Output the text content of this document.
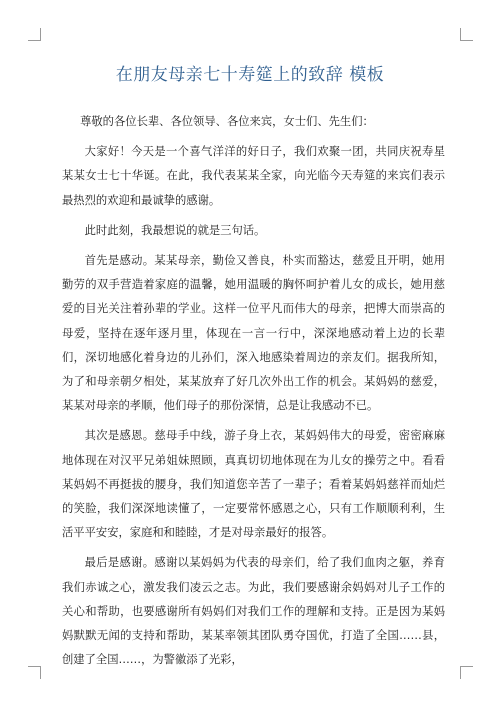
在朋友母亲七十寿筵上的致辞 模板

尊敬的各位长辈、各位领导、各位来宾，女士们、先生们：

大家好！今天是一个喜气洋洋的好日子，我们欢聚一团，共同庆祝寿星某某女士七十华诞。在此，我代表某某全家，向光临今天寿筵的来宾们表示最热烈的欢迎和最诚挚的感谢。

此时此刻，我最想说的就是三句话。

首先是感动。某某母亲，勤俭又善良，朴实而豁达，慈爱且开明，她用勤劳的双手营造着家庭的温馨，她用温暖的胸怀呵护着儿女的成长，她用慈爱的目光关注着孙辈的学业。这样一位平凡而伟大的母亲，把博大而崇高的母爱，坚持在逐年逐月里，体现在一言一行中，深深地感动着上边的长辈们，深切地感化着身边的儿孙们，深入地感染着周边的亲友们。据我所知，为了和母亲朝夕相处，某某放弃了好几次外出工作的机会。某妈妈的慈爱，某某对母亲的孝顺，他们母子的那份深情，总是让我感动不已。

其次是感恩。慈母手中线，游子身上衣，某妈妈伟大的母爱，密密麻麻地体现在对汉平兄弟姐妹照顾，真真切切地体现在为儿女的操劳之中。看看某妈妈不再挺拔的腰身，我们知道您辛苦了一辈子；看着某妈妈慈祥而灿烂的笑脸，我们深深地读懂了，一定要常怀感恩之心，只有工作顺顺利利，生活平平安安，家庭和和睦睦，才是对母亲最好的报答。

最后是感谢。感谢以某妈妈为代表的母亲们，给了我们血肉之躯，养育我们赤诚之心，激发我们凌云之志。为此，我们要感谢余妈妈对儿子工作的关心和帮助，也要感谢所有妈妈们对我们工作的理解和支持。正是因为某妈妈默默无闻的支持和帮助，某某率领其团队勇夺国优，打造了全国……县，创建了全国……，为警徽添了光彩，
